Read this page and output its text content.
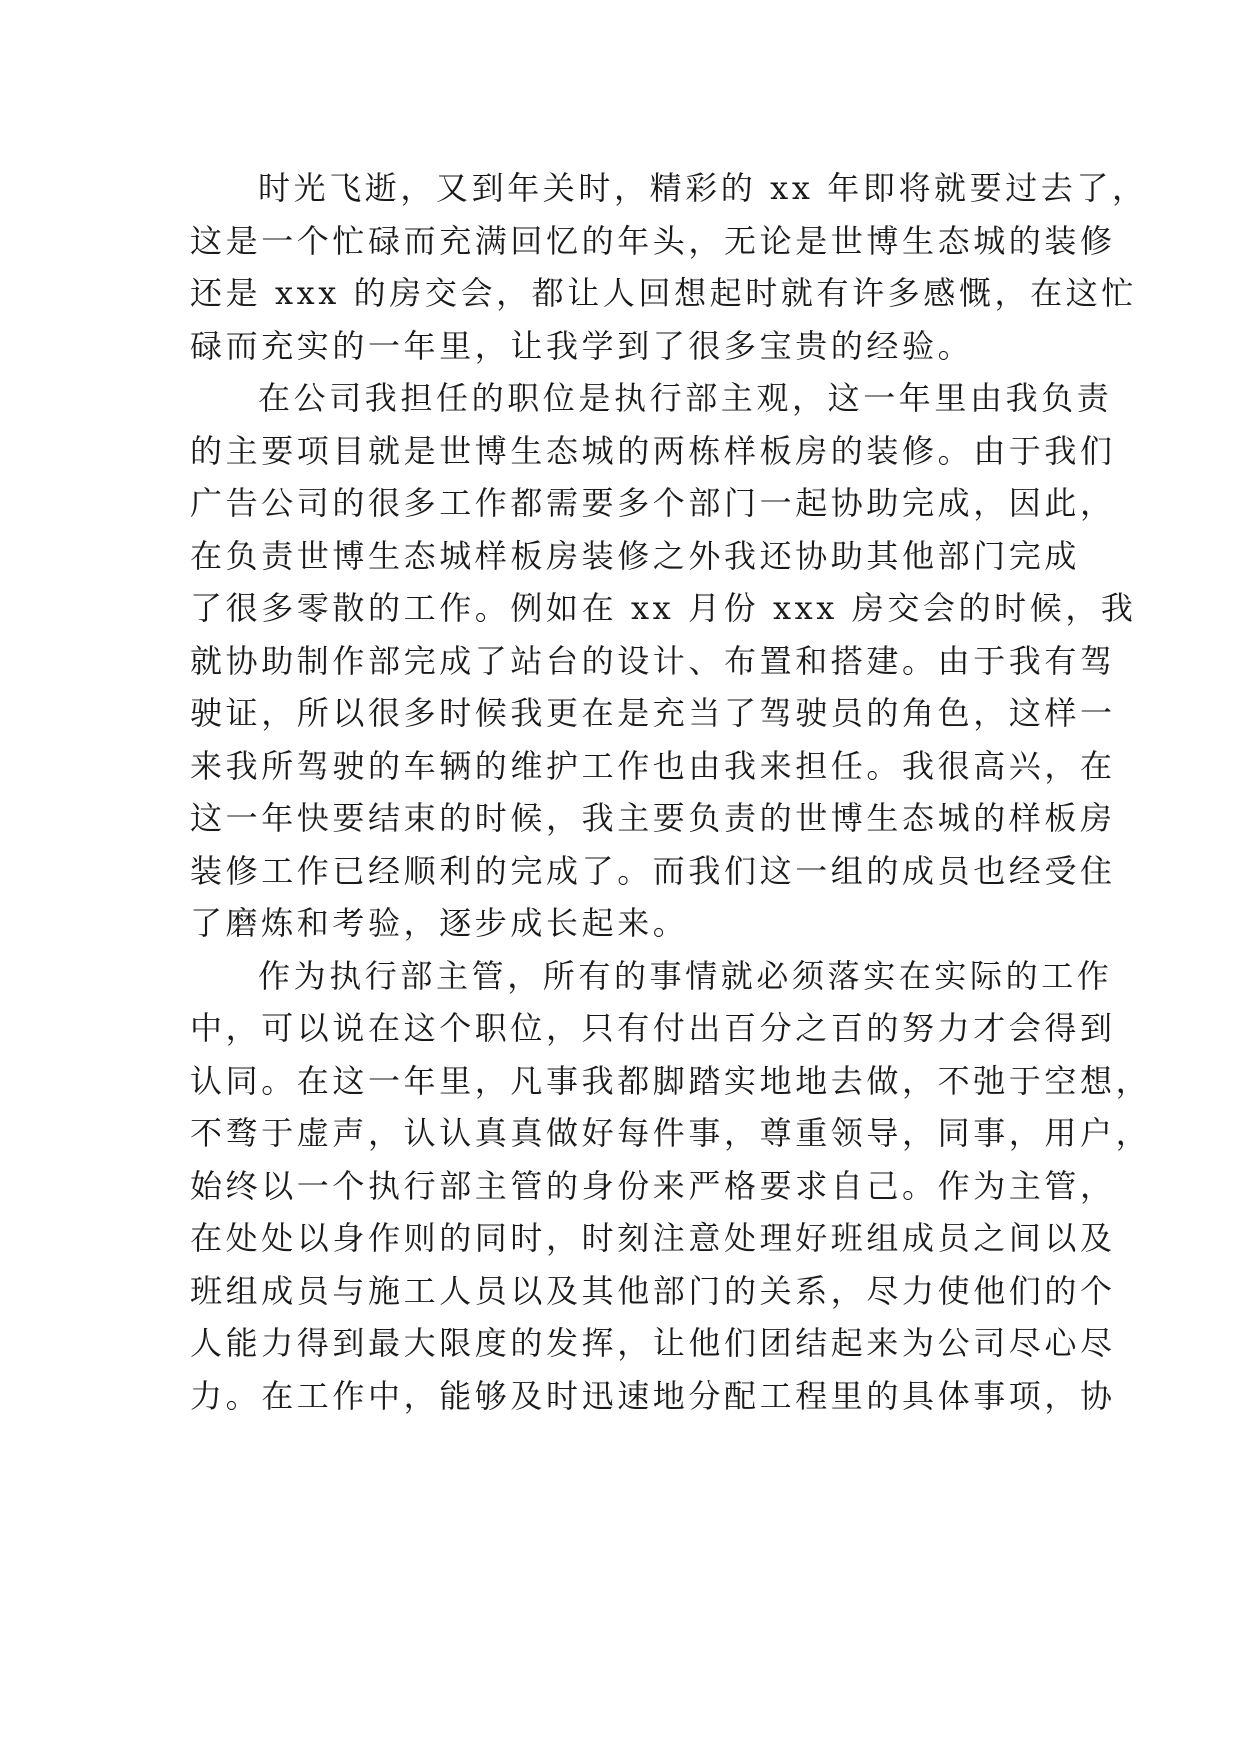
时光飞逝，又到年关时，精彩的 xx 年即将就要过去了，
这是一个忙碌而充满回忆的年头，无论是世博生态城的装修
还是 xxx 的房交会，都让人回想起时就有许多感慨，在这忙
碌而充实的一年里，让我学到了很多宝贵的经验。
在公司我担任的职位是执行部主观，这一年里由我负责
的主要项目就是世博生态城的两栋样板房的装修。由于我们
广告公司的很多工作都需要多个部门一起协助完成，因此，
在负责世博生态城样板房装修之外我还协助其他部门完成
了很多零散的工作。例如在 xx 月份 xxx 房交会的时候，我
就协助制作部完成了站台的设计、布置和搭建。由于我有驾
驶证，所以很多时候我更在是充当了驾驶员的角色，这样一
来我所驾驶的车辆的维护工作也由我来担任。我很高兴，在
这一年快要结束的时候，我主要负责的世博生态城的样板房
装修工作已经顺利的完成了。而我们这一组的成员也经受住
了磨炼和考验，逐步成长起来。
作为执行部主管，所有的事情就必须落实在实际的工作
中，可以说在这个职位，只有付出百分之百的努力才会得到
认同。在这一年里，凡事我都脚踏实地地去做，不弛于空想，
不骛于虚声，认认真真做好每件事，尊重领导，同事，用户，
始终以一个执行部主管的身份来严格要求自己。作为主管，
在处处以身作则的同时，时刻注意处理好班组成员之间以及
班组成员与施工人员以及其他部门的关系，尽力使他们的个
人能力得到最大限度的发挥，让他们团结起来为公司尽心尽
力。在工作中，能够及时迅速地分配工程里的具体事项，协
